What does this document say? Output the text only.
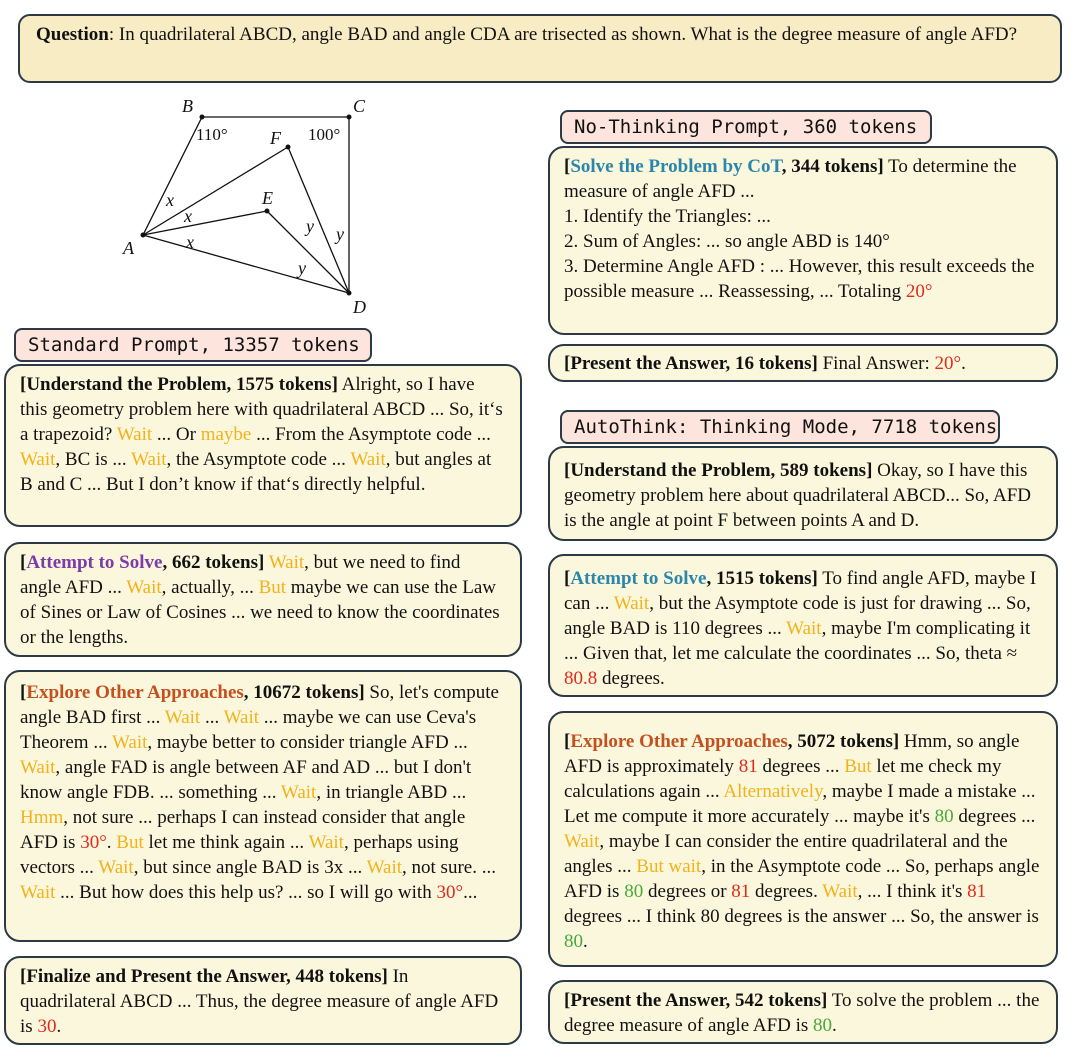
Question: In quadrilateral ABCD, angle BAD and angle CDA are trisected as shown. What is the degree measure of angle AFD?
A
B	C
D
E
F
x
x
x
y y
y
110°	100°
Standard Prompt, 13357 tokens
[Understand the Problem, 1575 tokens] Alright, so I have this geometry problem here with quadrilateral ABCD ... So, it‘s a trapezoid? Wait ... Or maybe ... From the Asymptote code ... Wait, BC is ... Wait, the Asymptote code ... Wait, but angles at B and C ... But I don’t know if that‘s directly helpful.
[Attempt to Solve, 662 tokens] Wait, but we need to find angle AFD ... Wait, actually, ... But maybe we can use the Law of Sines or Law of Cosines ... we need to know the coordinates or the lengths.
[Explore Other Approaches, 10672 tokens] So, let's compute angle BAD first ... Wait ... Wait ... maybe we can use Ceva's Theorem ... Wait, maybe better to consider triangle AFD ... Wait, angle FAD is angle between AF and AD ... but I don't know angle FDB. ... something ... Wait, in triangle ABD ... Hmm, not sure ... perhaps I can instead consider that angle AFD is 30°. But let me think again ... Wait, perhaps using vectors ... Wait, but since angle BAD is 3x ... Wait, not sure. ... Wait ... But how does this help us? ... so I will go with 30°...
[Finalize and Present the Answer, 448 tokens] In quadrilateral ABCD ... Thus, the degree measure of angle AFD is 30.
No-Thinking Prompt, 360 tokens
[Solve the Problem by CoT, 344 tokens] To determine the measure of angle AFD ...
1. Identify the Triangles: ...
2. Sum of Angles: ... so angle ABD is 140°
3. Determine Angle AFD : ... However, this result exceeds the possible measure ... Reassessing, ... Totaling 20°
[Present the Answer, 16 tokens] Final Answer: 20°.
AutoThink: Thinking Mode, 7718 tokens
[Understand the Problem, 589 tokens] Okay, so I have this geometry problem here about quadrilateral ABCD... So, AFD is the angle at point F between points A and D.
[Attempt to Solve, 1515 tokens] To find angle AFD, maybe I can ... Wait, but the Asymptote code is just for drawing ... So, angle BAD is 110 degrees ... Wait, maybe I'm complicating it ... Given that, let me calculate the coordinates ... So, theta ≈ 80.8 degrees.
[Explore Other Approaches, 5072 tokens] Hmm, so angle AFD is approximately 81 degrees ... But let me check my calculations again ... Alternatively, maybe I made a mistake ... Let me compute it more accurately ... maybe it's 80 degrees ... Wait, maybe I can consider the entire quadrilateral and the angles ... But wait, in the Asymptote code ... So, perhaps angle AFD is 80 degrees or 81 degrees. Wait, ... I think it's 81 degrees ... I think 80 degrees is the answer ... So, the answer is 80.
[Present the Answer, 542 tokens] To solve the problem ... the degree measure of angle AFD is 80.
